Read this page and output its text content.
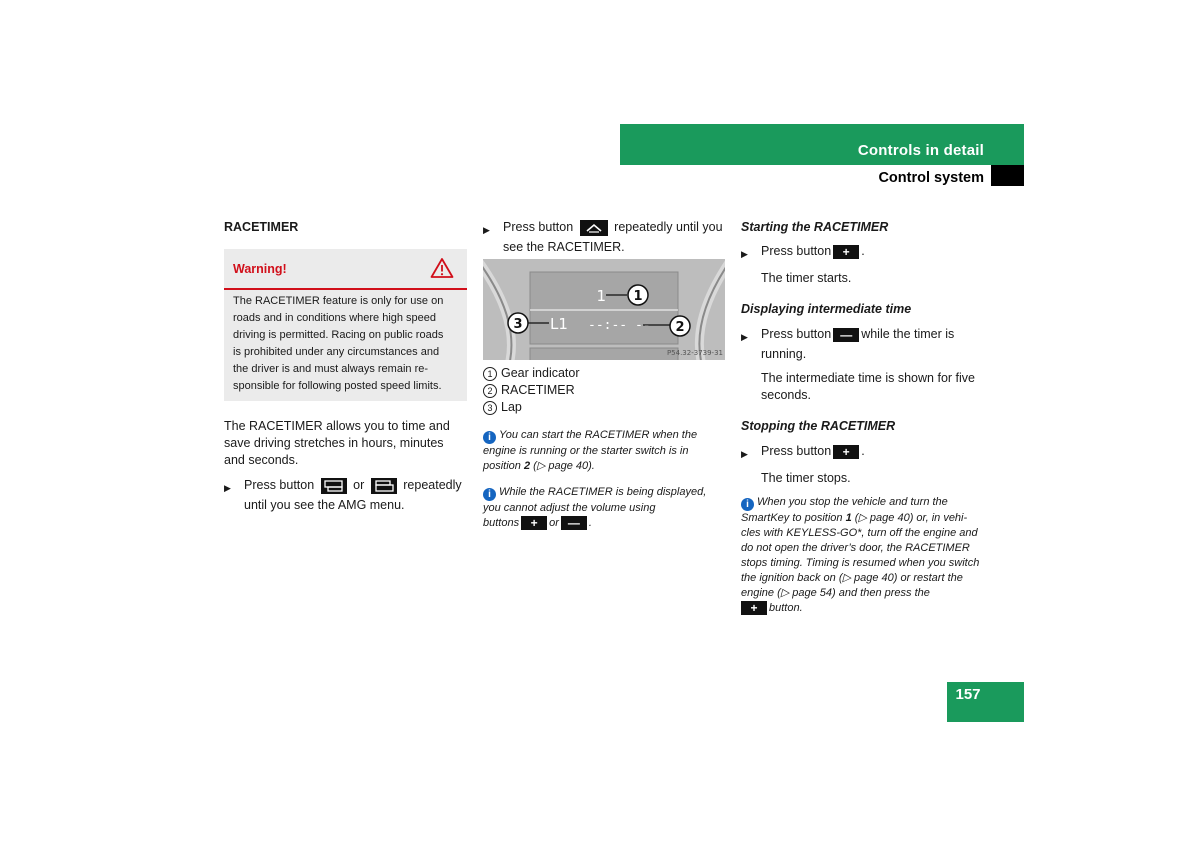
Controls in detail
Control system
RACETIMER
Warning!
The RACETIMER feature is only for use on
roads and in conditions where high speed
driving is permitted. Racing on public roads
is prohibited under any circumstances and
the driver is and must always remain re-
sponsible for following posted speed limits.
The RACETIMER allows you to time and
save driving stretches in hours, minutes
and seconds.
▶ Press button	or	repeatedly
until you see the AMG menu.
▶ Press button	repeatedly until you
see the RACETIMER.
1
L1 --:-- --
1
2
3
P54.32-3739-31
1 Gear indicator
2 RACETIMER
3 Lap
i You can start the RACETIMER when the
engine is running or the starter switch is in
position 2 (▷ page 40).
i While the RACETIMER is being displayed,
you cannot adjust the volume using
buttons + or — .
Starting the RACETIMER
▶ Press button + .
The timer starts.
Displaying intermediate time
▶ Press button — while the timer is
running.
The intermediate time is shown for five
seconds.
Stopping the RACETIMER
▶ Press button + .
The timer stops.
i When you stop the vehicle and turn the
SmartKey to position 1 (▷ page 40) or, in vehi-
cles with KEYLESS-GO*, turn off the engine and
do not open the driver’s door, the RACETIMER
stops timing. Timing is resumed when you switch
the ignition back on (▷ page 40) or restart the
engine (▷ page 54) and then press the
+ button.
157
